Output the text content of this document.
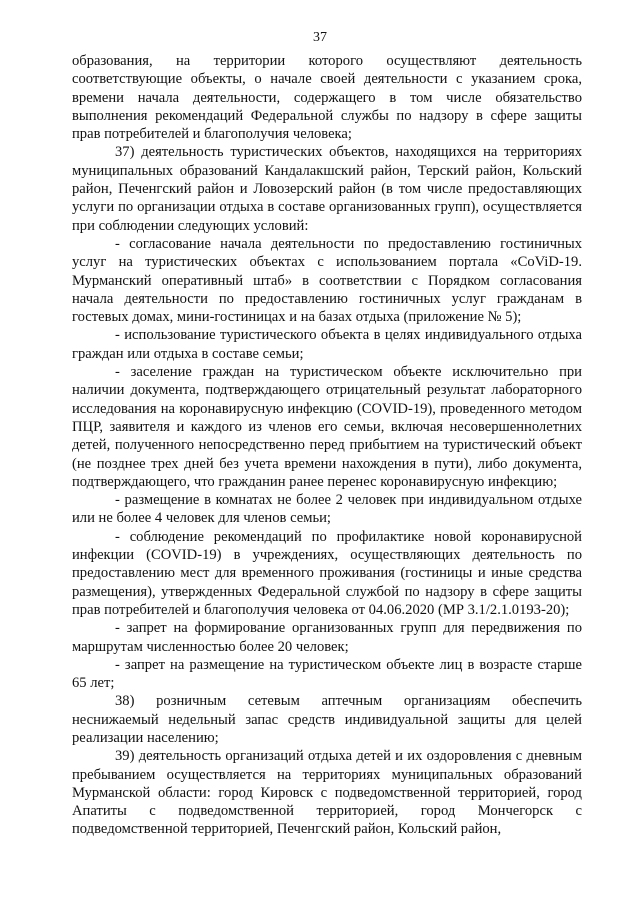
37

образования, на территории которого осуществляют деятельность соответствующие объекты, о начале своей деятельности с указанием срока, времени начала деятельности, содержащего в том числе обязательство выполнения рекомендаций Федеральной службы по надзору в сфере защиты прав потребителей и благополучия человека;

37) деятельность туристических объектов, находящихся на территориях муниципальных образований Кандалакшский район, Терский район, Кольский район, Печенгский район и Ловозерский район (в том числе предоставляющих услуги по организации отдыха в составе организованных групп), осуществляется при соблюдении следующих условий:

- согласование начала деятельности по предоставлению гостиничных услуг на туристических объектах с использованием портала «CoViD-19. Мурманский оперативный штаб» в соответствии с Порядком согласования начала деятельности по предоставлению гостиничных услуг гражданам в гостевых домах, мини-гостиницах и на базах отдыха (приложение № 5);

- использование туристического объекта в целях индивидуального отдыха граждан или отдыха в составе семьи;

- заселение граждан на туристическом объекте исключительно при наличии документа, подтверждающего отрицательный результат лабораторного исследования на коронавирусную инфекцию (COVID-19), проведенного методом ПЦР, заявителя и каждого из членов его семьи, включая несовершеннолетних детей, полученного непосредственно перед прибытием на туристический объект (не позднее трех дней без учета времени нахождения в пути), либо документа, подтверждающего, что гражданин ранее перенес коронавирусную инфекцию;

- размещение в комнатах не более 2 человек при индивидуальном отдыхе или не более 4 человек для членов семьи;

- соблюдение рекомендаций по профилактике новой коронавирусной инфекции (COVID-19) в учреждениях, осуществляющих деятельность по предоставлению мест для временного проживания (гостиницы и иные средства размещения), утвержденных Федеральной службой по надзору в сфере защиты прав потребителей и благополучия человека от 04.06.2020 (МР 3.1/2.1.0193-20);

- запрет на формирование организованных групп для передвижения по маршрутам численностью более 20 человек;

- запрет на размещение на туристическом объекте лиц в возрасте старше 65 лет;

38) розничным сетевым аптечным организациям обеспечить неснижаемый недельный запас средств индивидуальной защиты для целей реализации населению;

39) деятельность организаций отдыха детей и их оздоровления с дневным пребыванием осуществляется на территориях муниципальных образований Мурманской области: город Кировск с подведомственной территорией, город Апатиты с подведомственной территорией, город Мончегорск с подведомственной территорией, Печенгский район, Кольский район,
